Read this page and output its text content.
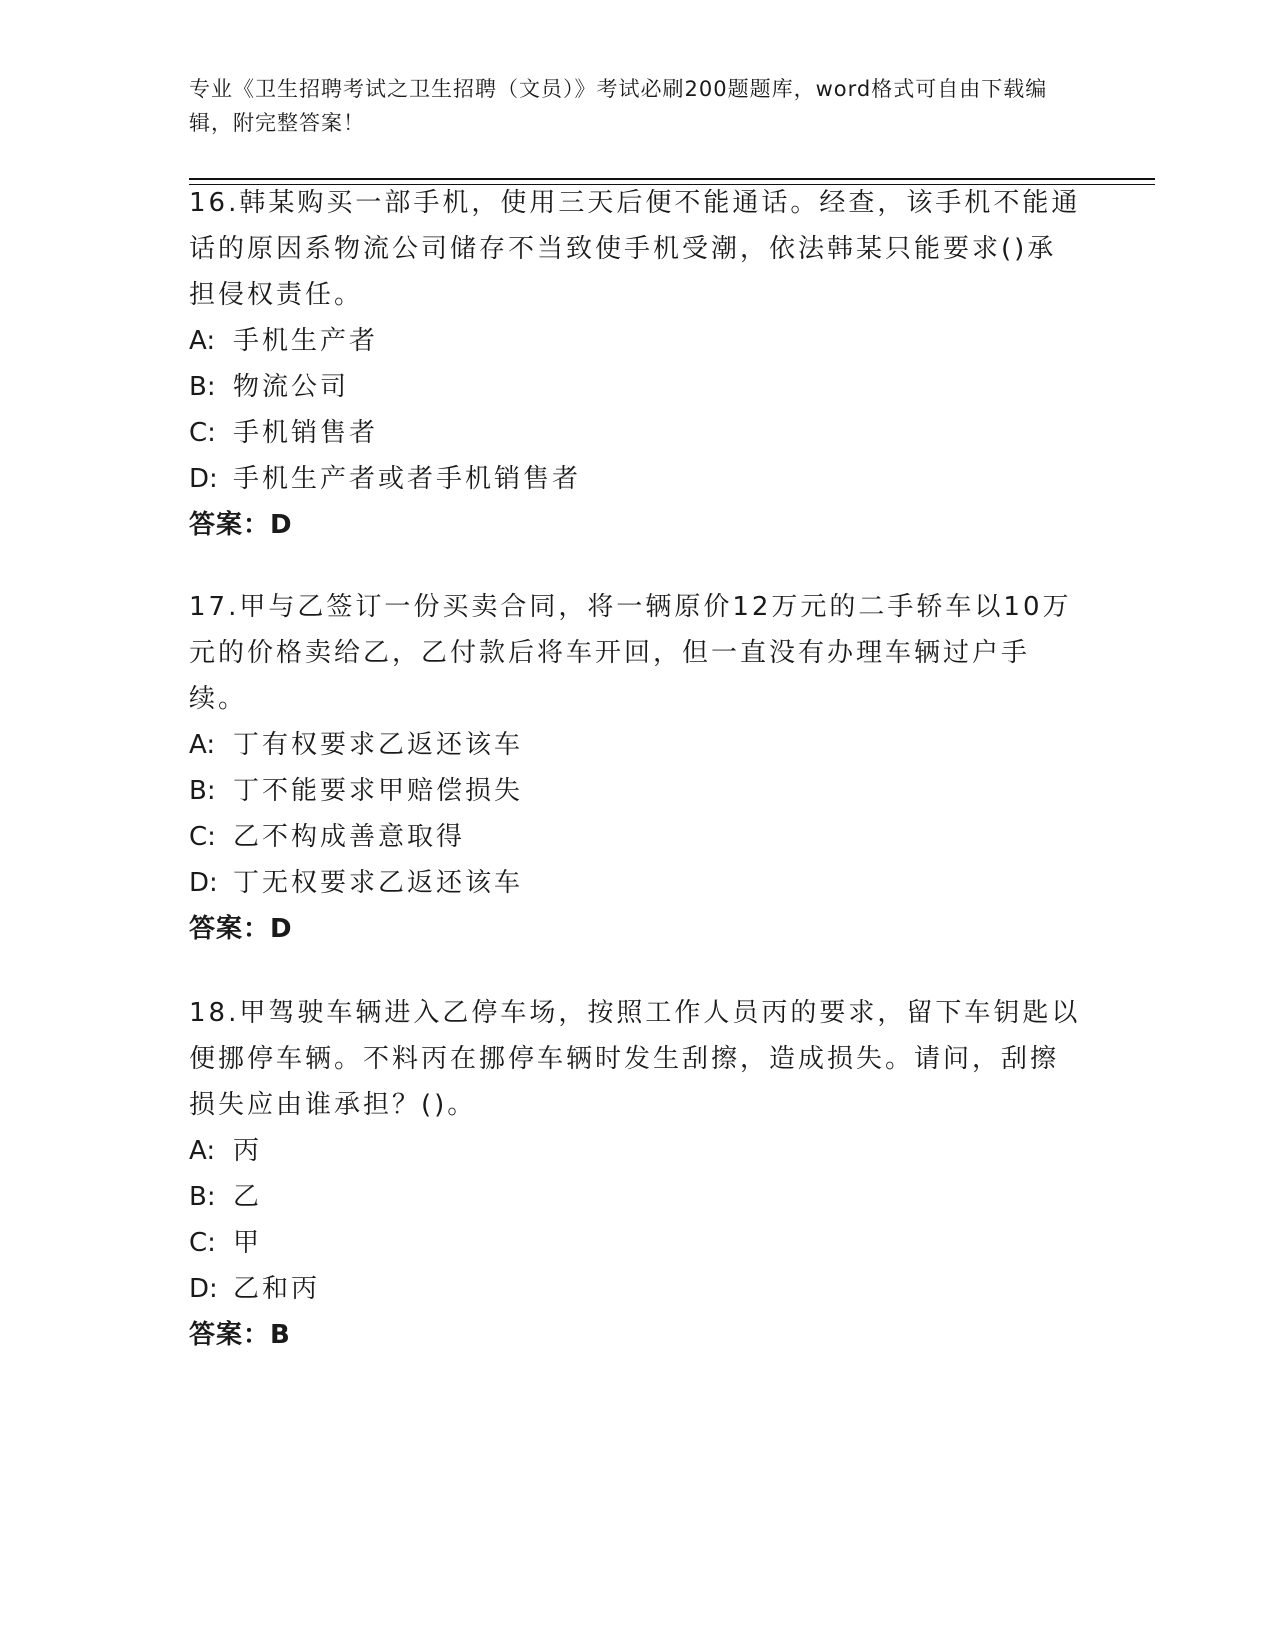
专业《卫生招聘考试之卫生招聘（文员）》考试必刷200题题库，word格式可自由下载编辑，附完整答案！

16.韩某购买一部手机，使用三天后便不能通话。经查，该手机不能通话的原因系物流公司储存不当致使手机受潮，依法韩某只能要求()承担侵权责任。

A: 手机生产者

B: 物流公司

C: 手机销售者

D: 手机生产者或者手机销售者

答案：D

17.甲与乙签订一份买卖合同，将一辆原价12万元的二手轿车以10万元的价格卖给乙，乙付款后将车开回，但一直没有办理车辆过户手续。

A: 丁有权要求乙返还该车

B: 丁不能要求甲赔偿损失

C: 乙不构成善意取得

D: 丁无权要求乙返还该车

答案：D

18.甲驾驶车辆进入乙停车场，按照工作人员丙的要求，留下车钥匙以便挪停车辆。不料丙在挪停车辆时发生刮擦，造成损失。请问，刮擦损失应由谁承担？()。

A: 丙

B: 乙

C: 甲

D: 乙和丙

答案：B
